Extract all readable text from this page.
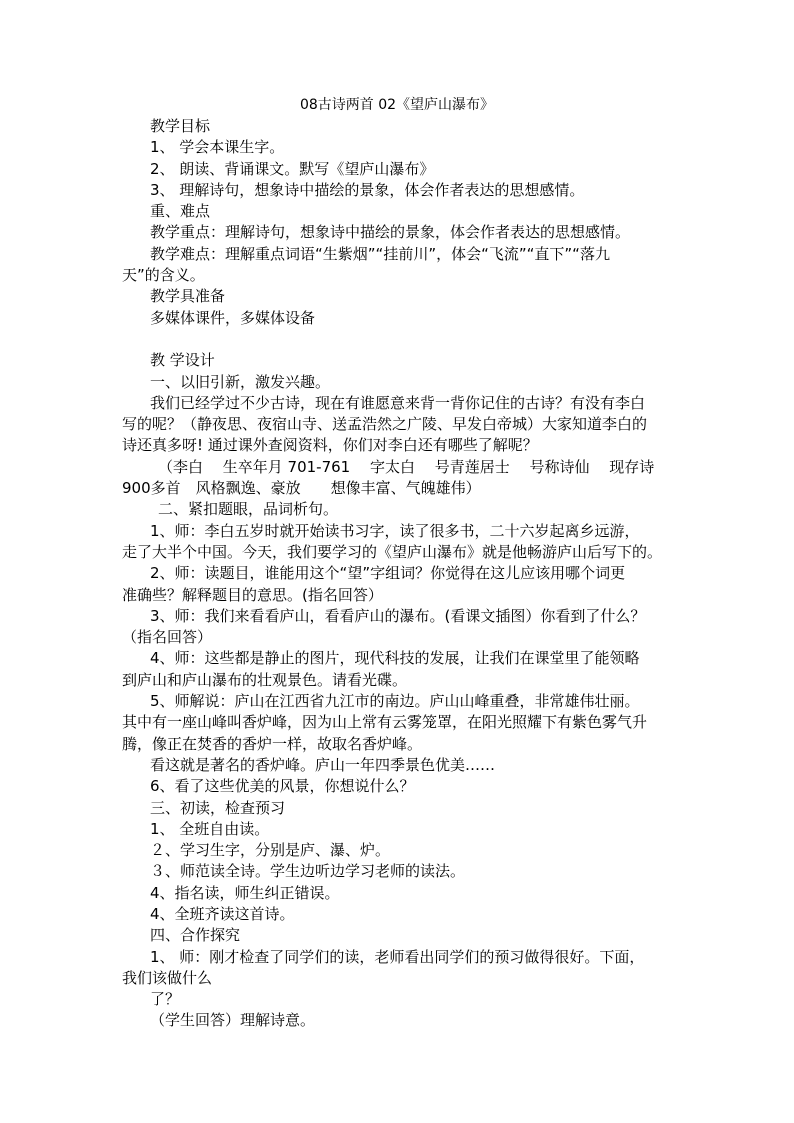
08古诗两首 02《望庐山瀑布》
教学目标
1、 学会本课生字。
2、 朗读、背诵课文。默写《望庐山瀑布》
3、 理解诗句，想象诗中描绘的景象，体会作者表达的思想感情。
重、难点
教学重点：理解诗句，想象诗中描绘的景象，体会作者表达的思想感情。
教学难点：理解重点词语“生紫烟”“挂前川”，体会“飞流”“直下”“落九
天”的含义。
教学具准备
多媒体课件，多媒体设备
教 学设计
一、以旧引新，激发兴趣。
我们已经学过不少古诗，现在有谁愿意来背一背你记住的古诗？有没有李白
写的呢？（静夜思、夜宿山寺、送孟浩然之广陵、早发白帝城）大家知道李白的
诗还真多呀! 通过课外查阅资料，你们对李白还有哪些了解呢？
（李白　 生卒年月 701-761　 字太白　 号青莲居士　 号称诗仙　 现存诗
900多首　风格飘逸、豪放　　想像丰富、气魄雄伟）
二、紧扣题眼，品词析句。
1、师：李白五岁时就开始读书习字，读了很多书，二十六岁起离乡远游，
走了大半个中国。今天，我们要学习的《望庐山瀑布》就是他畅游庐山后写下的。
2、师：读题目，谁能用这个“望”字组词？你觉得在这儿应该用哪个词更
准确些？解释题目的意思。(指名回答）
3、师：我们来看看庐山，看看庐山的瀑布。(看课文插图）你看到了什么？
（指名回答）
4、师：这些都是静止的图片，现代科技的发展，让我们在课堂里了能领略
到庐山和庐山瀑布的壮观景色。请看光碟。
5、师解说：庐山在江西省九江市的南边。庐山山峰重叠，非常雄伟壮丽。
其中有一座山峰叫香炉峰，因为山上常有云雾笼罩，在阳光照耀下有紫色雾气升
腾，像正在焚香的香炉一样，故取名香炉峰。
看这就是著名的香炉峰。庐山一年四季景色优美……
6、看了这些优美的风景，你想说什么？
三、初读，检查预习
1、 全班自由读。
２、学习生字，分别是庐、瀑、炉。
３、师范读全诗。学生边听边学习老师的读法。
4、指名读，师生纠正错误。
4、全班齐读这首诗。
四、合作探究
1、 师：刚才检查了同学们的读，老师看出同学们的预习做得很好。下面，
我们该做什么
了？
（学生回答）理解诗意。
